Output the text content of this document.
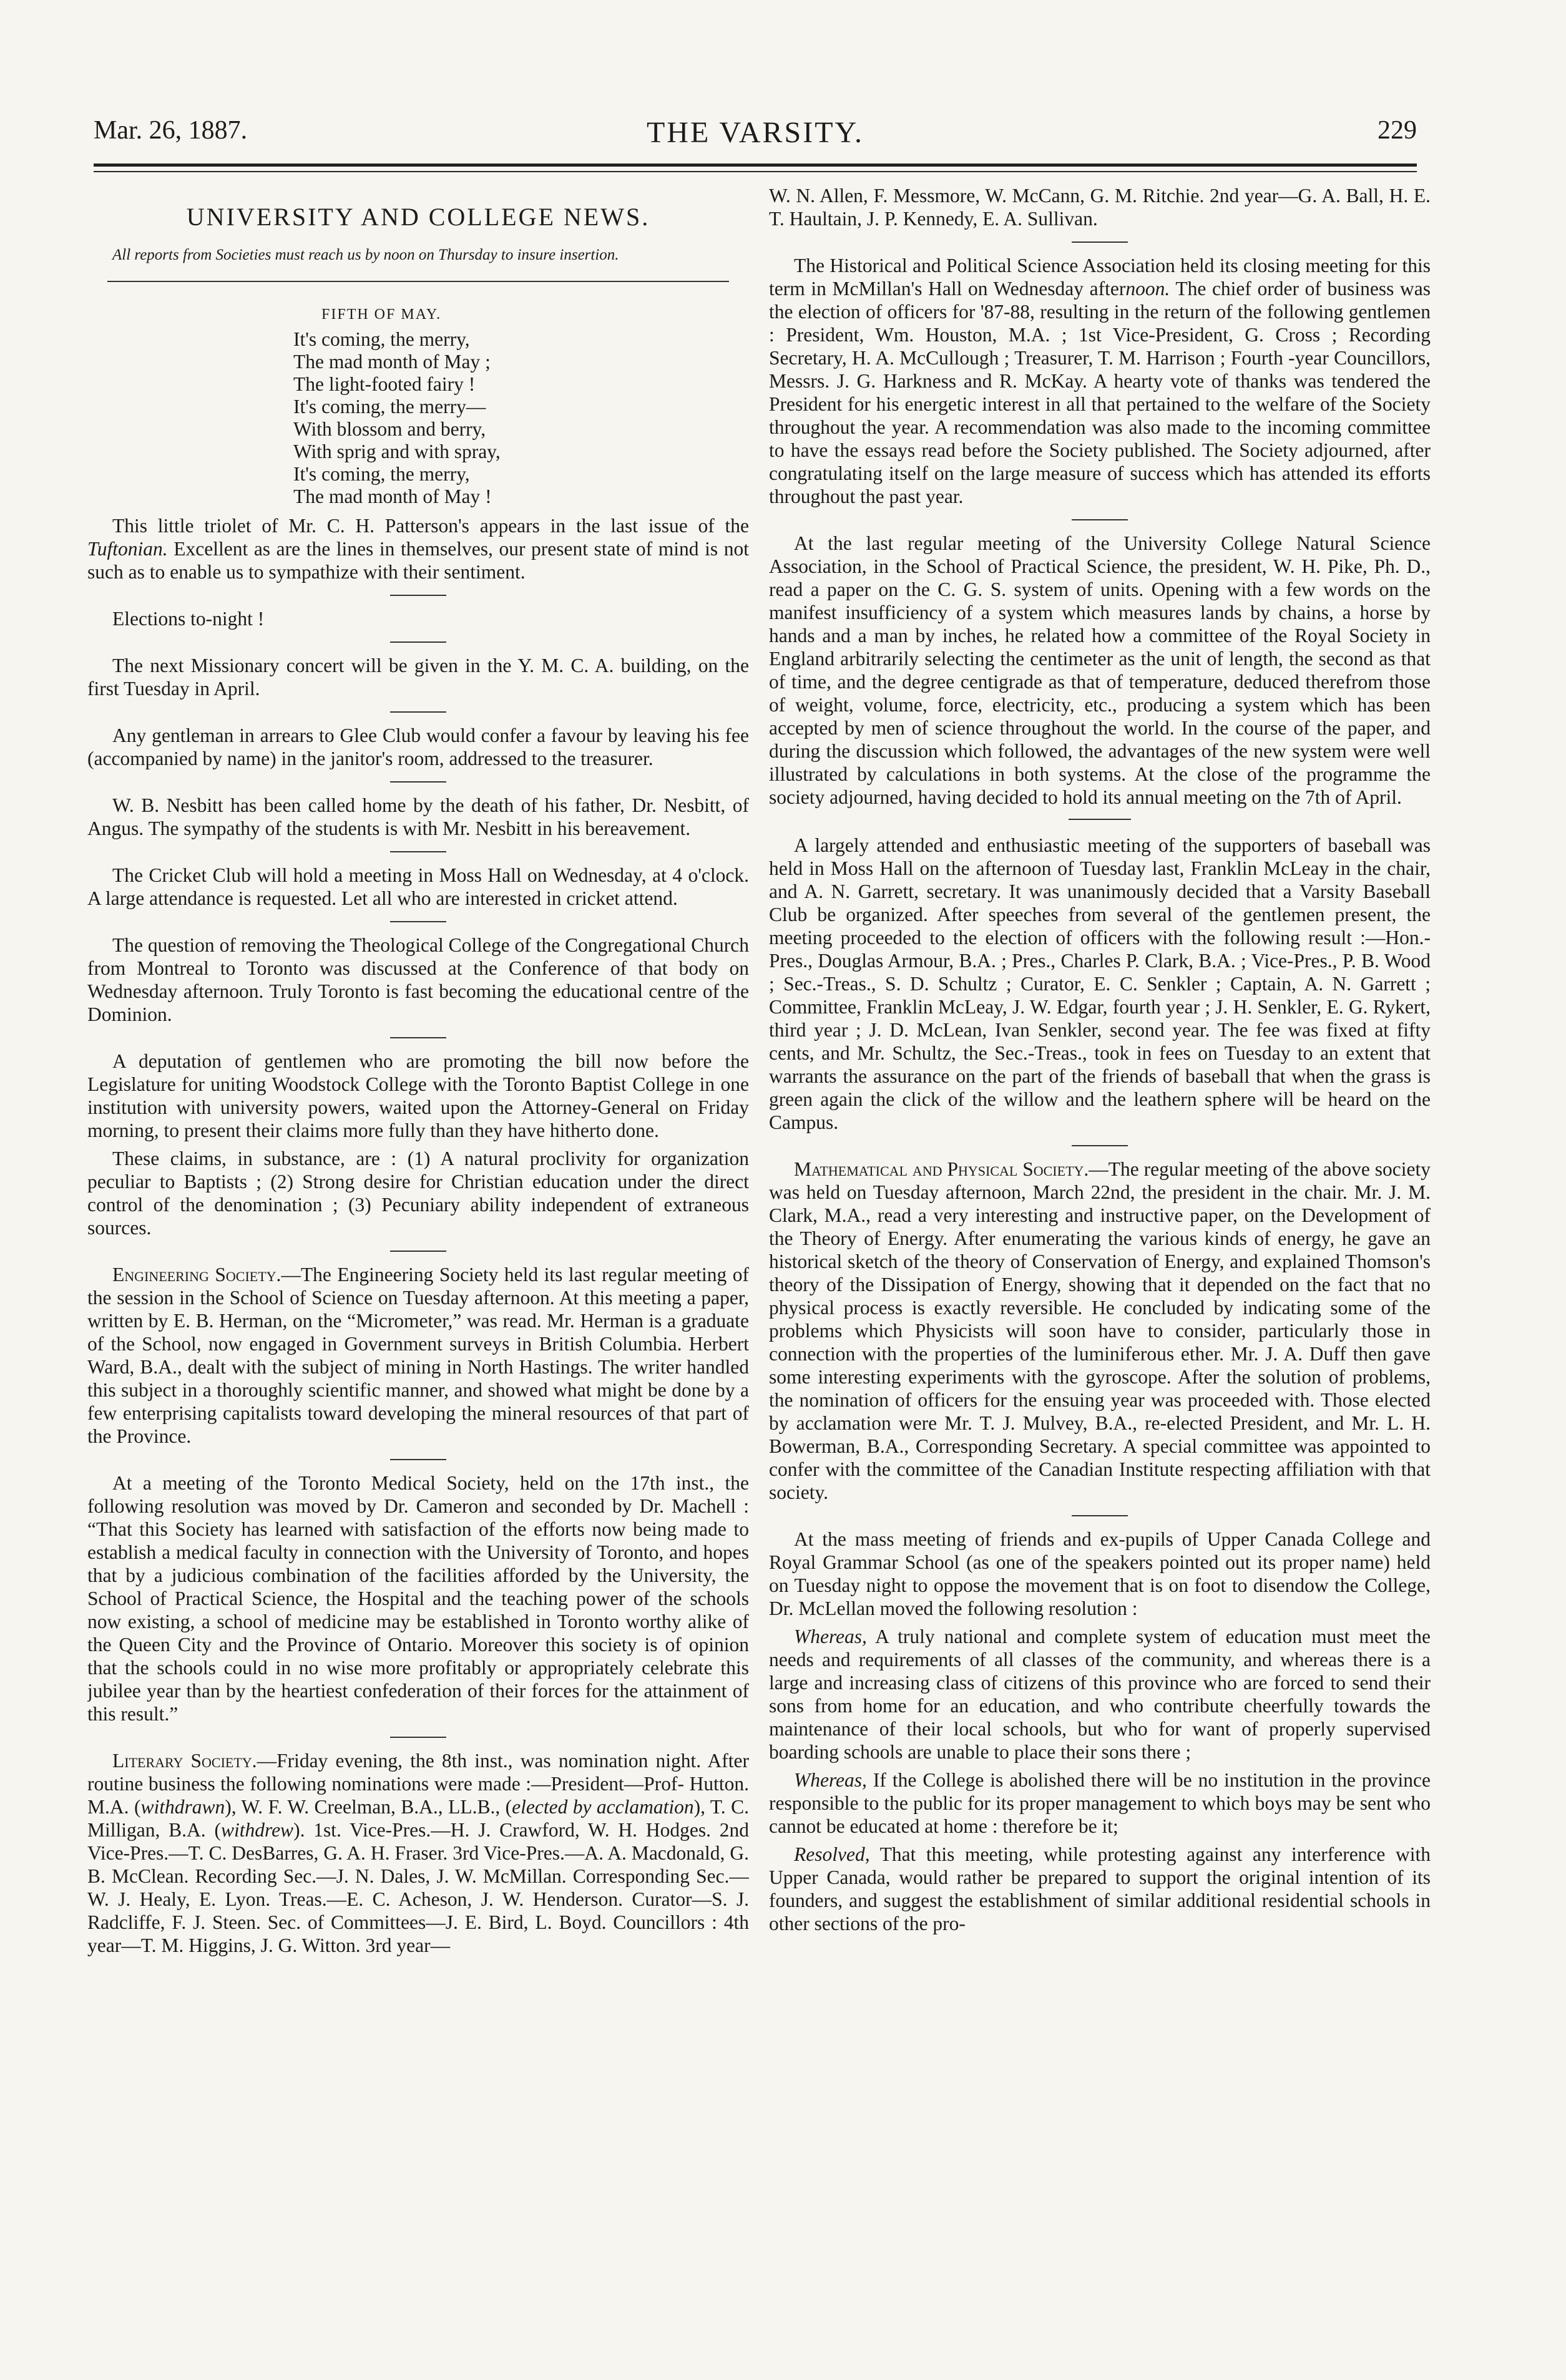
Mar. 26, 1887.	THE VARSITY.	229
UNIVERSITY AND COLLEGE NEWS.

All reports from Societies must reach us by noon on Thursday to insure insertion.

FIFTH OF MAY.
It's coming, the merry,
The mad month of May ;
The light-footed fairy !
It's coming, the merry—
With blossom and berry,
With sprig and with spray,
It's coming, the merry,
The mad month of May !

This little triolet of Mr. C. H. Patterson's appears in the last issue of the Tuftonian. Excellent as are the lines in themselves, our present state of mind is not such as to enable us to sympathize with their sentiment.

Elections to-night !

The next Missionary concert will be given in the Y. M. C. A. building, on the first Tuesday in April.

Any gentleman in arrears to Glee Club would confer a favour by leaving his fee (accompanied by name) in the janitor's room, addressed to the treasurer.

W. B. Nesbitt has been called home by the death of his father, Dr. Nesbitt, of Angus. The sympathy of the students is with Mr. Nesbitt in his bereavement.

The Cricket Club will hold a meeting in Moss Hall on Wednesday, at 4 o'clock. A large attendance is requested. Let all who are interested in cricket attend.

The question of removing the Theological College of the Congregational Church from Montreal to Toronto was discussed at the Conference of that body on Wednesday afternoon. Truly Toronto is fast becoming the educational centre of the Dominion.

A deputation of gentlemen who are promoting the bill now before the Legislature for uniting Woodstock College with the Toronto Baptist College in one institution with university powers, waited upon the Attorney-General on Friday morning, to present their claims more fully than they have hitherto done.

These claims, in substance, are : (1) A natural proclivity for organization peculiar to Baptists ; (2) Strong desire for Christian education under the direct control of the denomination ; (3) Pecuniary ability independent of extraneous sources.

Engineering Society.—The Engineering Society held its last regular meeting of the session in the School of Science on Tuesday afternoon. At this meeting a paper, written by E. B. Herman, on the “Micrometer,” was read. Mr. Herman is a graduate of the School, now engaged in Government surveys in British Columbia. Herbert Ward, B.A., dealt with the subject of mining in North Hastings. The writer handled this subject in a thoroughly scientific manner, and showed what might be done by a few enterprising capitalists toward developing the mineral resources of that part of the Province.

At a meeting of the Toronto Medical Society, held on the 17th inst., the following resolution was moved by Dr. Cameron and seconded by Dr. Machell : “That this Society has learned with satisfaction of the efforts now being made to establish a medical faculty in connection with the University of Toronto, and hopes that by a judicious combination of the facilities afforded by the University, the School of Practical Science, the Hospital and the teaching power of the schools now existing, a school of medicine may be established in Toronto worthy alike of the Queen City and the Province of Ontario. Moreover this society is of opinion that the schools could in no wise more profitably or appropriately celebrate this jubilee year than by the heartiest confederation of their forces for the attainment of this result.”

Literary Society.—Friday evening, the 8th inst., was nomination night. After routine business the following nominations were made :—President—Prof- Hutton. M.A. (withdrawn), W. F. W. Creelman, B.A., LL.B., (elected by acclamation), T. C. Milligan, B.A. (withdrew). 1st. Vice-Pres.—H. J. Crawford, W. H. Hodges. 2nd Vice-Pres.—T. C. DesBarres, G. A. H. Fraser. 3rd Vice-Pres.—A. A. Macdonald, G. B. McClean. Recording Sec.—J. N. Dales, J. W. McMillan. Corresponding Sec.—W. J. Healy, E. Lyon. Treas.—E. C. Acheson, J. W. Henderson. Curator—S. J. Radcliffe, F. J. Steen. Sec. of Committees—J. E. Bird, L. Boyd. Councillors : 4th year—T. M. Higgins, J. G. Witton. 3rd year—

W. N. Allen, F. Messmore, W. McCann, G. M. Ritchie. 2nd year—G. A. Ball, H. E. T. Haultain, J. P. Kennedy, E. A. Sullivan.

The Historical and Political Science Association held its closing meeting for this term in McMillan's Hall on Wednesday afternoon. The chief order of business was the election of officers for '87-88, resulting in the return of the following gentlemen : President, Wm. Houston, M.A. ; 1st Vice-President, G. Cross ; Recording Secretary, H. A. McCullough ; Treasurer, T. M. Harrison ; Fourth -year Councillors, Messrs. J. G. Harkness and R. McKay. A hearty vote of thanks was tendered the President for his energetic interest in all that pertained to the welfare of the Society throughout the year. A recommendation was also made to the incoming committee to have the essays read before the Society published. The Society adjourned, after congratulating itself on the large measure of success which has attended its efforts throughout the past year.

At the last regular meeting of the University College Natural Science Association, in the School of Practical Science, the president, W. H. Pike, Ph. D., read a paper on the C. G. S. system of units. Opening with a few words on the manifest insufficiency of a system which measures lands by chains, a horse by hands and a man by inches, he related how a committee of the Royal Society in England arbitrarily selecting the centimeter as the unit of length, the second as that of time, and the degree centigrade as that of temperature, deduced therefrom those of weight, volume, force, electricity, etc., producing a system which has been accepted by men of science throughout the world. In the course of the paper, and during the discussion which followed, the advantages of the new system were well illustrated by calculations in both systems. At the close of the programme the society adjourned, having decided to hold its annual meeting on the 7th of April.

A largely attended and enthusiastic meeting of the supporters of baseball was held in Moss Hall on the afternoon of Tuesday last, Franklin McLeay in the chair, and A. N. Garrett, secretary. It was unanimously decided that a Varsity Baseball Club be organized. After speeches from several of the gentlemen present, the meeting proceeded to the election of officers with the following result :—Hon.-Pres., Douglas Armour, B.A. ; Pres., Charles P. Clark, B.A. ; Vice-Pres., P. B. Wood ; Sec.-Treas., S. D. Schultz ; Curator, E. C. Senkler ; Captain, A. N. Garrett ; Committee, Franklin McLeay, J. W. Edgar, fourth year ; J. H. Senkler, E. G. Rykert, third year ; J. D. McLean, Ivan Senkler, second year. The fee was fixed at fifty cents, and Mr. Schultz, the Sec.-Treas., took in fees on Tuesday to an extent that warrants the assurance on the part of the friends of baseball that when the grass is green again the click of the willow and the leathern sphere will be heard on the Campus.

Mathematical and Physical Society.—The regular meeting of the above society was held on Tuesday afternoon, March 22nd, the president in the chair. Mr. J. M. Clark, M.A., read a very interesting and instructive paper, on the Development of the Theory of Energy. After enumerating the various kinds of energy, he gave an historical sketch of the theory of Conservation of Energy, and explained Thomson's theory of the Dissipation of Energy, showing that it depended on the fact that no physical process is exactly reversible. He concluded by indicating some of the problems which Physicists will soon have to consider, particularly those in connection with the properties of the luminiferous ether. Mr. J. A. Duff then gave some interesting experiments with the gyroscope. After the solution of problems, the nomination of officers for the ensuing year was proceeded with. Those elected by acclamation were Mr. T. J. Mulvey, B.A., re-elected President, and Mr. L. H. Bowerman, B.A., Corresponding Secretary. A special committee was appointed to confer with the committee of the Canadian Institute respecting affiliation with that society.

At the mass meeting of friends and ex-pupils of Upper Canada College and Royal Grammar School (as one of the speakers pointed out its proper name) held on Tuesday night to oppose the movement that is on foot to disendow the College, Dr. McLellan moved the following resolution :

Whereas, A truly national and complete system of education must meet the needs and requirements of all classes of the community, and whereas there is a large and increasing class of citizens of this province who are forced to send their sons from home for an education, and who contribute cheerfully towards the maintenance of their local schools, but who for want of properly supervised boarding schools are unable to place their sons there ;

Whereas, If the College is abolished there will be no institution in the province responsible to the public for its proper management to which boys may be sent who cannot be educated at home : therefore be it;

Resolved, That this meeting, while protesting against any interference with Upper Canada, would rather be prepared to support the original intention of its founders, and suggest the establishment of similar additional residential schools in other sections of the pro-
